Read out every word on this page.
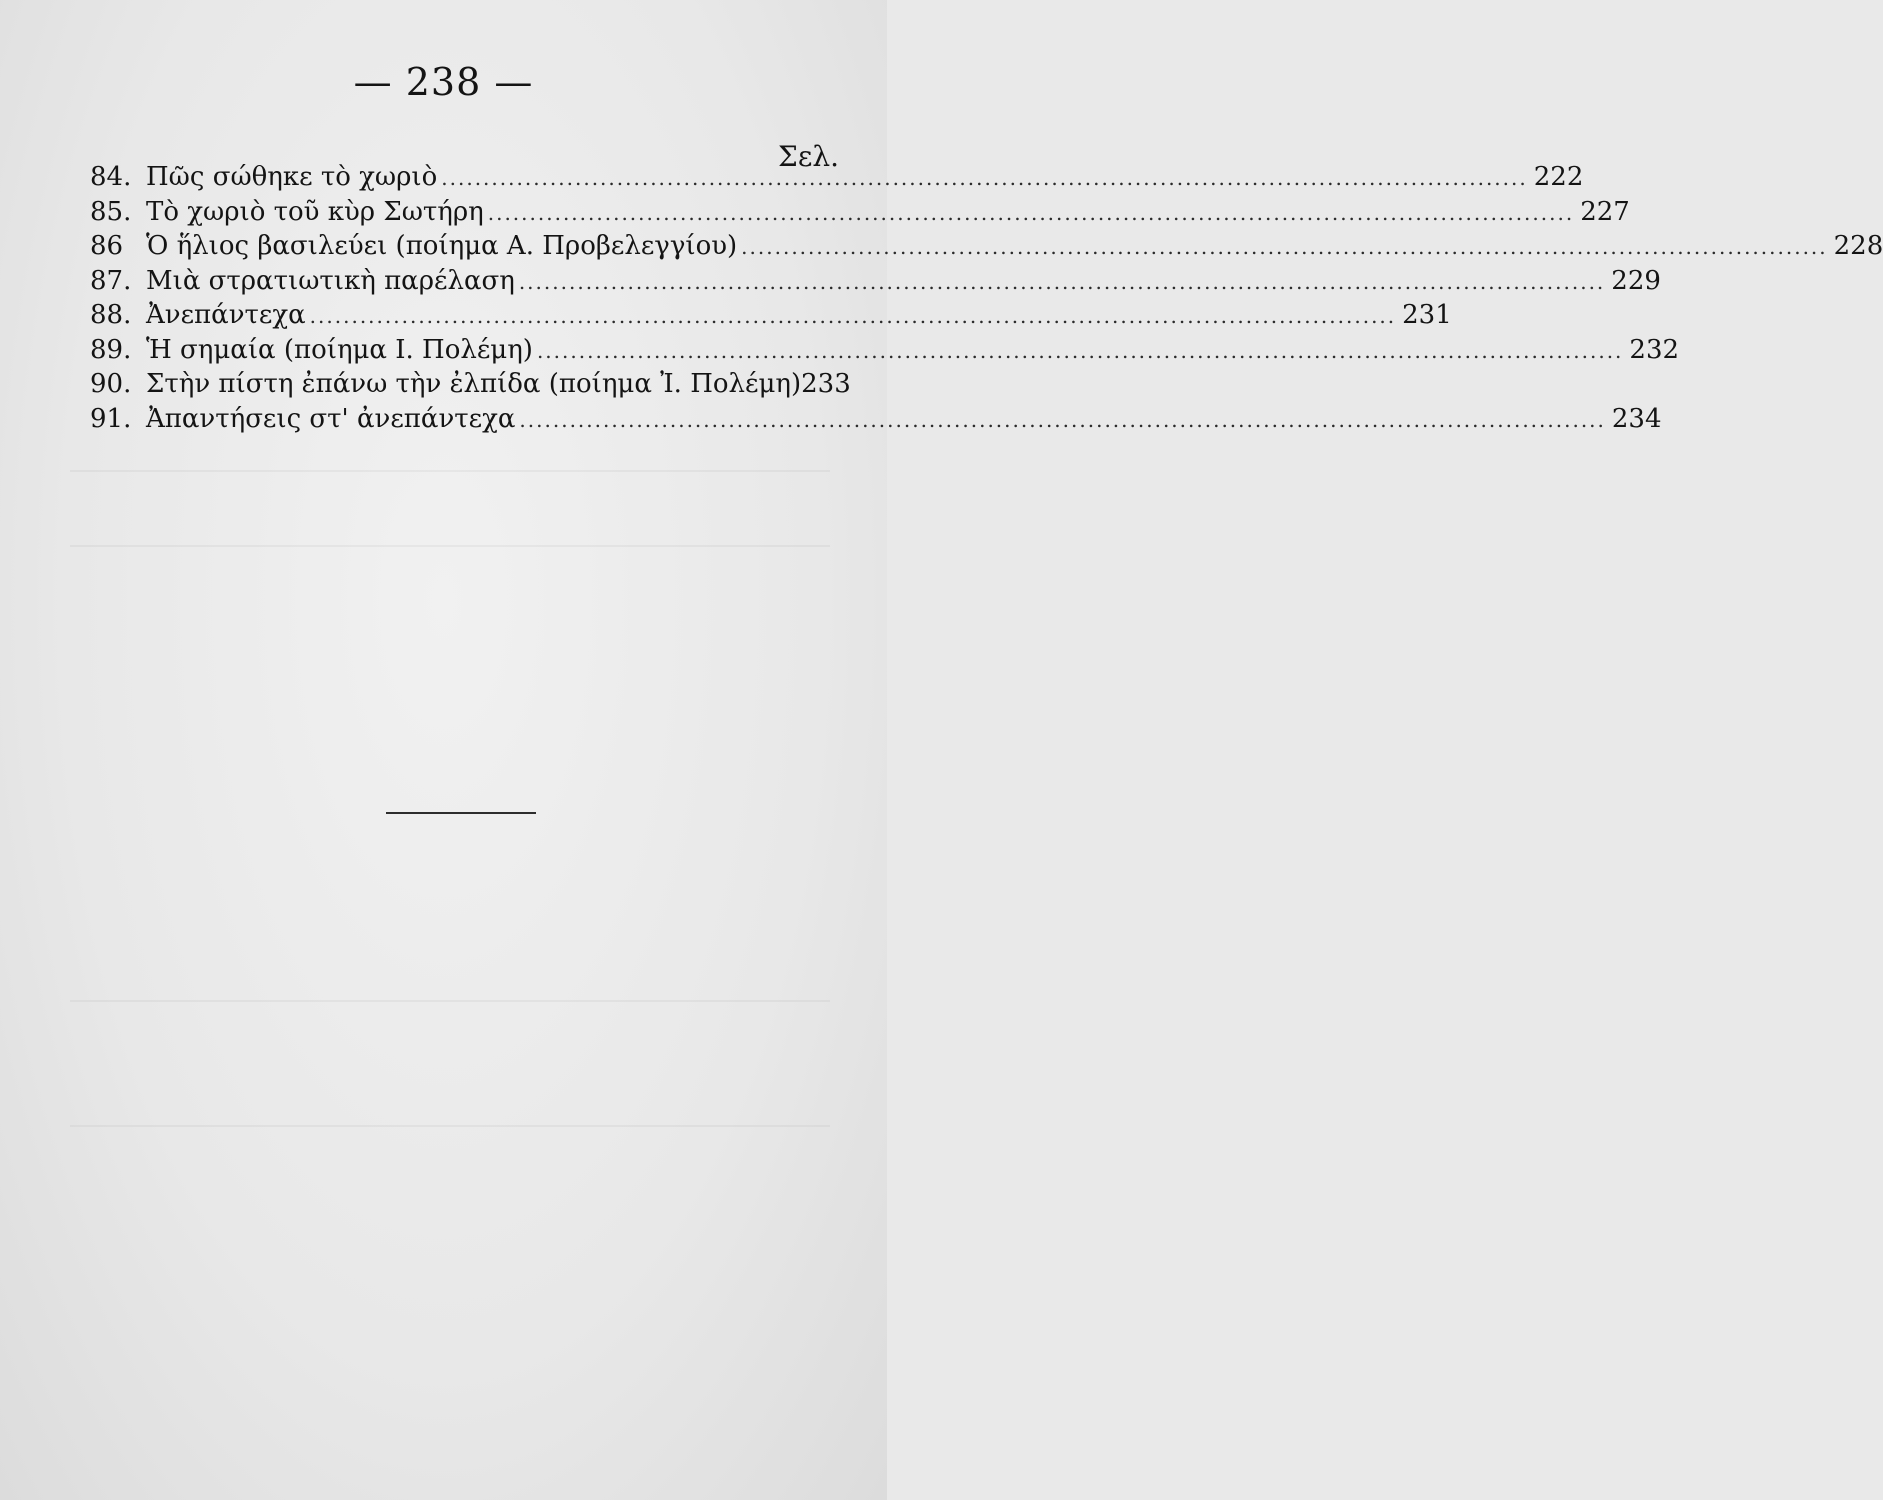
— 238 —
Σελ.
84. Πῶς σώθηκε τὸ χωριὸ .....	222
85. Τὸ χωριὸ τοῦ κὺρ Σωτήρη .....	227
86 Ὁ ἥλιος βασιλεύει (ποίημα Α. Προβελεγγίου) .....	228
87. Μιὰ στρατιωτικὴ παρέλαση .....	229
88. Ἀνεπάντεχα .....	231
89. Ἡ σημαία (ποίημα Ι. Πολέμη) .....	232
90. Στὴν πίστη ἐπάνω τὴν ἐλπίδα (ποίημα Ἰ. Πολέμη) 233
91. Ἀπαντήσεις στ' ἀνεπάντεχα .....	234
